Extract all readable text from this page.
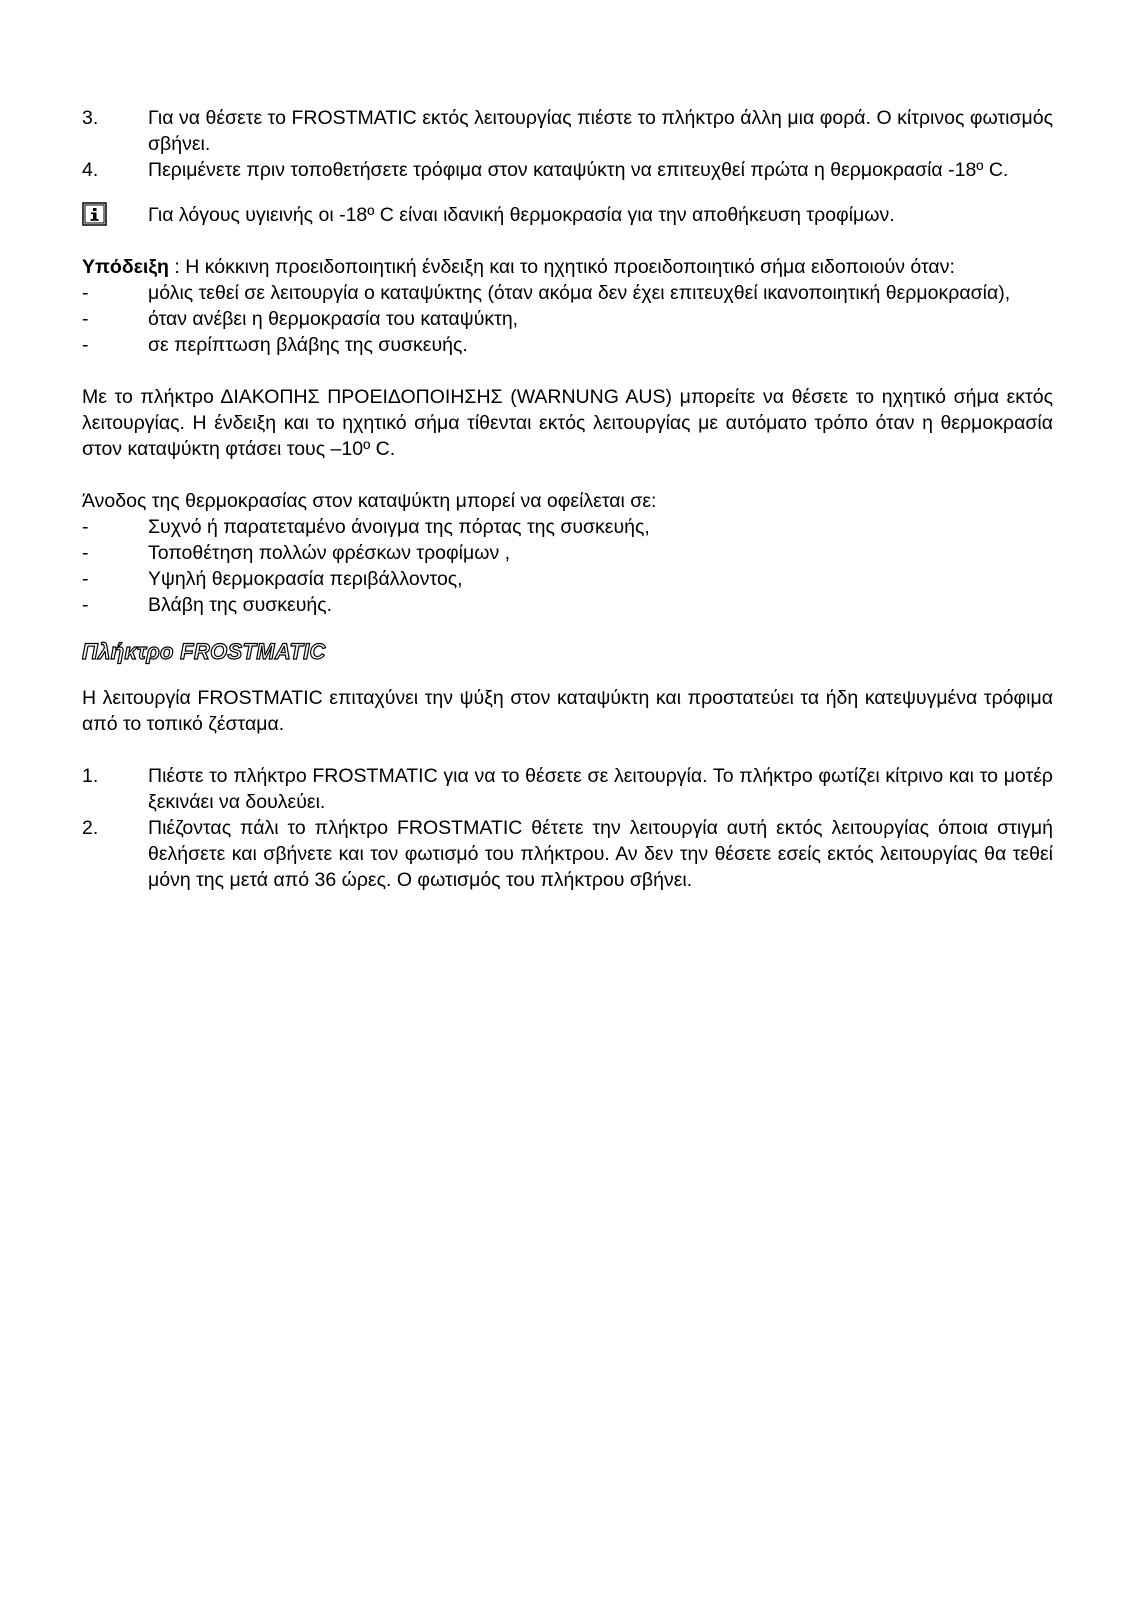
3.	Για να θέσετε το FROSTMATIC εκτός λειτουργίας πιέστε το πλήκτρο άλλη μια φορά. Ο κίτρινος φωτισμός σβήνει.
4.	Περιμένετε πριν τοποθετήσετε τρόφιμα στον καταψύκτη να επιτευχθεί πρώτα η θερμοκρασία -18º C.
Για λόγους υγιεινής οι -18º C είναι ιδανική θερμοκρασία για την αποθήκευση τροφίμων.
Υπόδειξη : Η κόκκινη προειδοποιητική ένδειξη και το ηχητικό προειδοποιητικό σήμα ειδοποιούν όταν:
-	μόλις τεθεί σε λειτουργία ο καταψύκτης (όταν ακόμα δεν έχει επιτευχθεί ικανοποιητική θερμοκρασία),
-	όταν ανέβει η θερμοκρασία του καταψύκτη,
-	σε περίπτωση βλάβης της συσκευής.

Με το πλήκτρο ΔΙΑΚΟΠΗΣ ΠΡΟΕΙΔΟΠΟΙΗΣΗΣ (WARNUNG AUS) μπορείτε να θέσετε το ηχητικό σήμα εκτός λειτουργίας. Η ένδειξη και το ηχητικό σήμα τίθενται εκτός λειτουργίας με αυτόματο τρόπο όταν η θερμοκρασία στον καταψύκτη φτάσει τους –10º C.

Άνοδος της θερμοκρασίας στον καταψύκτη μπορεί να οφείλεται σε:
-	Συχνό ή παρατεταμένο άνοιγμα της πόρτας της συσκευής,
-	Τοποθέτηση πολλών φρέσκων τροφίμων ,
-	Υψηλή θερμοκρασία περιβάλλοντος,
-	Βλάβη της συσκευής.
Πλήκτρο FROSTMATIC

Η λειτουργία FROSTMATIC επιταχύνει την ψύξη στον καταψύκτη και προστατεύει τα ήδη κατεψυγμένα τρόφιμα από το τοπικό ζέσταμα.

1.	Πιέστε το πλήκτρο FROSTMATIC για να το θέσετε σε λειτουργία. Το πλήκτρο φωτίζει κίτρινο και το μοτέρ ξεκινάει να δουλεύει.
2.	Πιέζοντας πάλι το πλήκτρο FROSTMATIC θέτετε την λειτουργία αυτή εκτός λειτουργίας όποια στιγμή θελήσετε και σβήνετε και τον φωτισμό του πλήκτρου. Αν δεν την θέσετε εσείς εκτός λειτουργίας θα τεθεί μόνη της μετά από 36 ώρες. Ο φωτισμός του πλήκτρου σβήνει.
